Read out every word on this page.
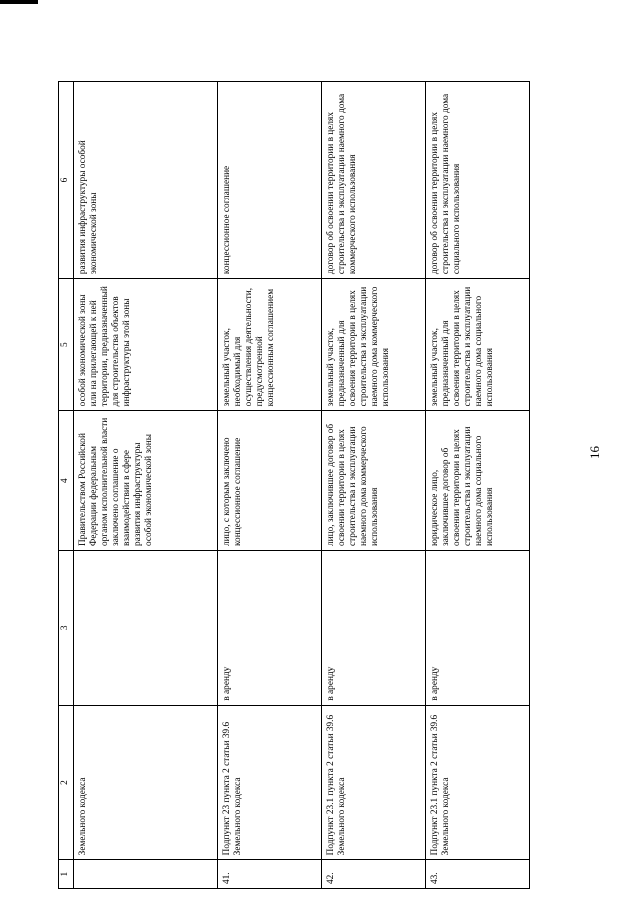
16
1	2	3	4	5	6
	Земельного кодекса		Правительством Российской Федерации федеральным органом исполнительной власти заключено соглашение о взаимодействии в сфере развития инфраструктуры особой экономической зоны	особой экономической зоны или на прилегающей к ней территории, предназначенный для строительства объектов инфраструктуры этой зоны	развития инфраструктуры особой экономической зоны
41.	Подпункт 23 пункта 2 статьи 39.6 Земельного кодекса	в аренду	лицо, с которым заключено концессионное соглашение	земельный участок, необходимый для осуществления деятельности, предусмотренной концессионным соглашением	концессионное соглашение
42.	Подпункт 23.1 пункта 2 статьи 39.6 Земельного кодекса	в аренду	лицо, заключившее договор об освоении территории в целях строительства и эксплуатации наемного дома коммерческого использования	земельный участок, предназначенный для освоения территории в целях строительства и эксплуатации наемного дома коммерческого использования	договор об освоении территории в целях строительства и эксплуатации наемного дома коммерческого использования
43.	Подпункт 23.1 пункта 2 статьи 39.6 Земельного кодекса	в аренду	юридическое лицо, заключившее договор об освоении территории в целях строительства и эксплуатации наемного дома социального использования	земельный участок, предназначенный для освоения территории в целях строительства и эксплуатации наемного дома социального использования	договор об освоении территории в целях строительства и эксплуатации наемного дома социального использования
